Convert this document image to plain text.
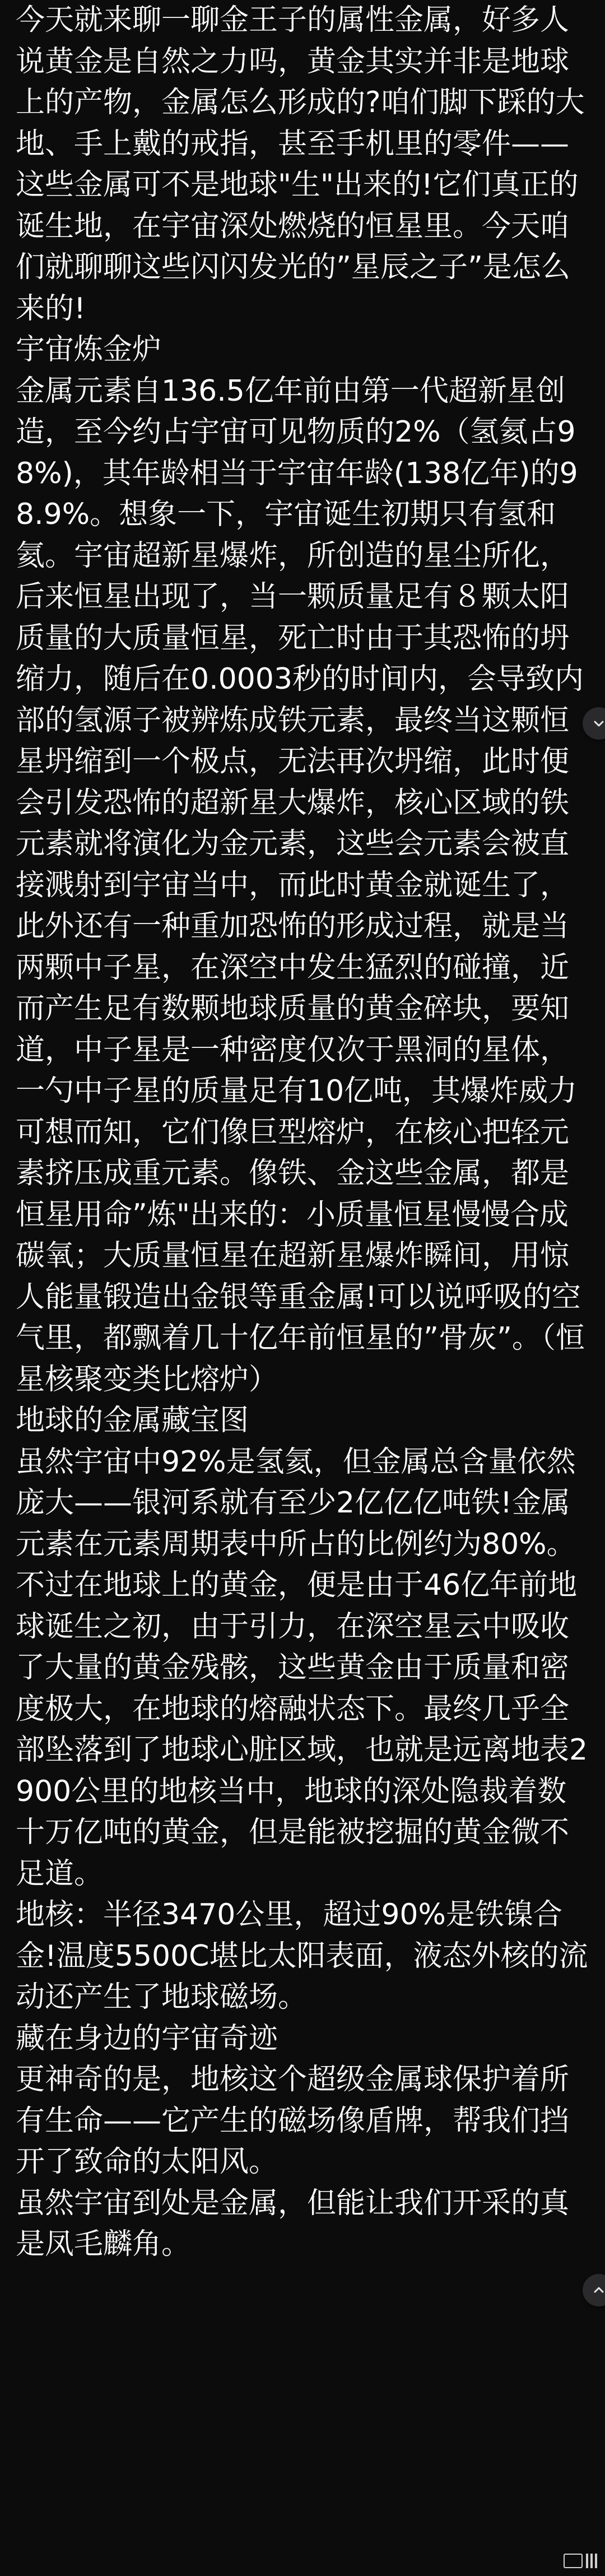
今天就来聊一聊金王子的属性金属，好多人说黄金是自然之力吗，黄金其实并非是地球上的产物，金属怎么形成的?咱们脚下踩的大地、手上戴的戒指，甚至手机里的零件——这些金属可不是地球"生"出来的!它们真正的诞生地，在宇宙深处燃烧的恒星里。今天咱们就聊聊这些闪闪发光的”星辰之子”是怎么来的!

宇宙炼金炉

金属元素自136.5亿年前由第一代超新星创造，至今约占宇宙可见物质的2%（氢氦占98%)，其年龄相当于宇宙年龄(138亿年)的98.9%。想象一下，宇宙诞生初期只有氢和氦。宇宙超新星爆炸，所创造的星尘所化，后来恒星出现了，当一颗质量足有８颗太阳质量的大质量恒星，死亡时由于其恐怖的坍缩力，随后在0.0003秒的时间内，会导致内部的氢源子被辨炼成铁元素，最终当这颗恒星坍缩到一个极点，无法再次坍缩，此时便会引发恐怖的超新星大爆炸，核心区域的铁元素就将演化为金元素，这些会元素会被直接溅射到宇宙当中，而此时黄金就诞生了，此外还有一种重加恐怖的形成过程，就是当两颗中子星，在深空中发生猛烈的碰撞，近而产生足有数颗地球质量的黄金碎块，要知道，中子星是一种密度仅次于黑洞的星体，一勺中子星的质量足有10亿吨，其爆炸威力可想而知，它们像巨型熔炉，在核心把轻元素挤压成重元素。像铁、金这些金属，都是恒星用命”炼"出来的：小质量恒星慢慢合成碳氧；大质量恒星在超新星爆炸瞬间，用惊人能量锻造出金银等重金属!可以说呼吸的空气里，都飘着几十亿年前恒星的”骨灰”。（恒星核聚变类比熔炉）

地球的金属藏宝图

虽然宇宙中92%是氢氦，但金属总含量依然庞大——银河系就有至少2亿亿亿吨铁!金属元素在元素周期表中所占的比例约为80%。不过在地球上的黄金，便是由于46亿年前地球诞生之初，由于引力，在深空星云中吸收了大量的黄金残骸，这些黄金由于质量和密度极大，在地球的熔融状态下。最终几乎全部坠落到了地球心脏区域，也就是远离地表2900公里的地核当中，地球的深处隐裁着数十万亿吨的黄金，但是能被挖掘的黄金微不足道。

地核：半径3470公里，超过90%是铁镍合金!温度5500C堪比太阳表面，液态外核的流动还产生了地球磁场。

藏在身边的宇宙奇迹

更神奇的是，地核这个超级金属球保护着所有生命——它产生的磁场像盾牌，帮我们挡开了致命的太阳风。

虽然宇宙到处是金属，但能让我们开采的真是凤毛麟角。
